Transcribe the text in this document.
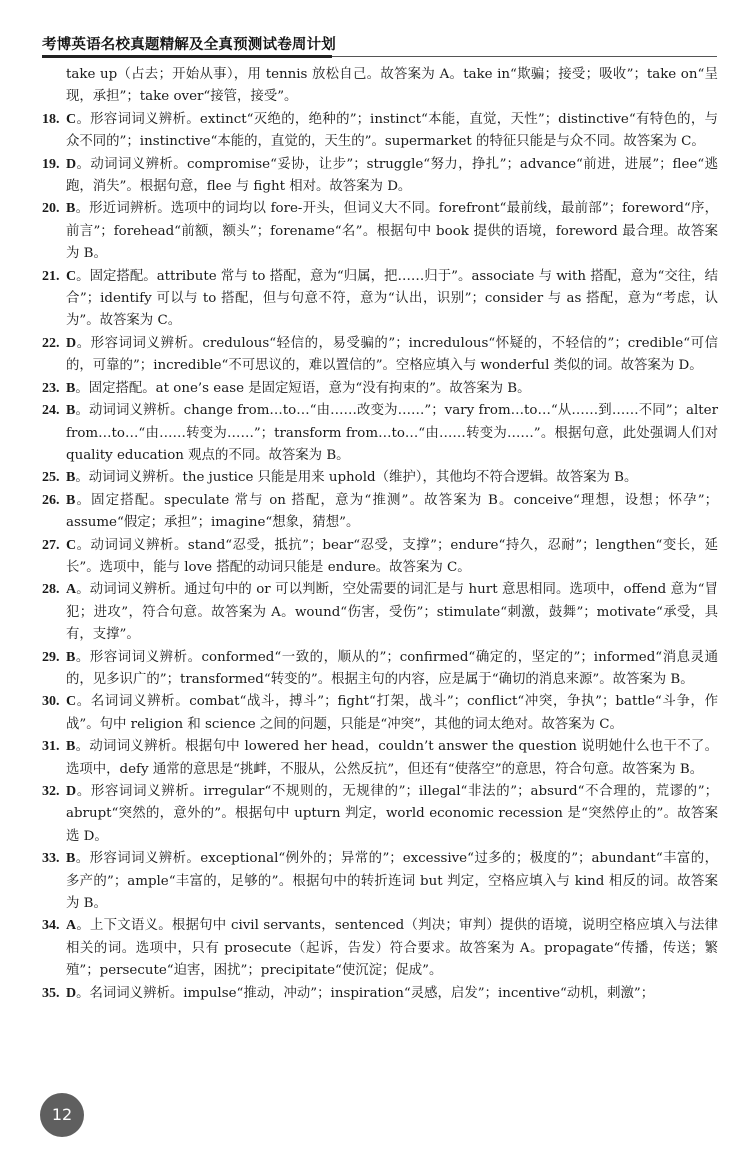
考博英语名校真题精解及全真预测试卷周计划
take up（占去；开始从事），用 tennis 放松自己。故答案为 A。take in“欺骗；接受；吸收”；take on“呈现，承担”；take over“接管，接受”。
18. C。形容词词义辨析。extinct“灭绝的，绝种的”；instinct“本能，直觉，天性”；distinctive“有特色的，与众不同的”；instinctive“本能的，直觉的，天生的”。supermarket 的特征只能是与众不同。故答案为 C。
19. D。动词词义辨析。compromise“妥协，让步”；struggle“努力，挣扎”；advance“前进，进展”；flee“逃跑，消失”。根据句意，flee 与 fight 相对。故答案为 D。
20. B。形近词辨析。选项中的词均以 fore-开头，但词义大不同。forefront“最前线，最前部”；foreword“序，前言”；forehead“前额，额头”；forename“名”。根据句中 book 提供的语境，foreword 最合理。故答案为 B。
21. C。固定搭配。attribute 常与 to 搭配，意为“归属，把……归于”。associate 与 with 搭配，意为“交往，结合”；identify 可以与 to 搭配，但与句意不符，意为“认出，识别”；consider 与 as 搭配，意为“考虑，认为”。故答案为 C。
22. D。形容词词义辨析。credulous“轻信的，易受骗的”；incredulous“怀疑的，不轻信的”；credible“可信的，可靠的”；incredible“不可思议的，难以置信的”。空格应填入与 wonderful 类似的词。故答案为 D。
23. B。固定搭配。at one’s ease 是固定短语，意为“没有拘束的”。故答案为 B。
24. B。动词词义辨析。change from…to…“由……改变为……”；vary from…to…“从……到……不同”；alter from…to…“由……转变为……”；transform from…to…“由……转变为……”。根据句意，此处强调人们对 quality education 观点的不同。故答案为 B。
25. B。动词词义辨析。the justice 只能是用来 uphold（维护），其他均不符合逻辑。故答案为 B。
26. B。固定搭配。speculate 常与 on 搭配，意为“推测”。故答案为 B。conceive“理想，设想；怀孕”；assume“假定；承担”；imagine“想象，猜想”。
27. C。动词词义辨析。stand“忍受，抵抗”；bear“忍受，支撑”；endure“持久，忍耐”；lengthen“变长，延长”。选项中，能与 love 搭配的动词只能是 endure。故答案为 C。
28. A。动词词义辨析。通过句中的 or 可以判断，空处需要的词汇是与 hurt 意思相同。选项中，offend 意为“冒犯；进攻”，符合句意。故答案为 A。wound“伤害，受伤”；stimulate“刺激，鼓舞”；motivate“承受，具有，支撑”。
29. B。形容词词义辨析。conformed“一致的，顺从的”；confirmed“确定的，坚定的”；informed“消息灵通的，见多识广的”；transformed“转变的”。根据主句的内容，应是属于“确切的消息来源”。故答案为 B。
30. C。名词词义辨析。combat“战斗，搏斗”；fight“打架，战斗”；conflict“冲突，争执”；battle“斗争，作战”。句中 religion 和 science 之间的问题，只能是“冲突”，其他的词太绝对。故答案为 C。
31. B。动词词义辨析。根据句中 lowered her head，couldn’t answer the question 说明她什么也干不了。选项中，defy 通常的意思是“挑衅，不服从，公然反抗”，但还有“使落空”的意思，符合句意。故答案为 B。
32. D。形容词词义辨析。irregular“不规则的，无规律的”；illegal“非法的”；absurd“不合理的，荒谬的”；abrupt“突然的，意外的”。根据句中 upturn 判定，world economic recession 是“突然停止的”。故答案选 D。
33. B。形容词词义辨析。exceptional“例外的；异常的”；excessive“过多的；极度的”；abundant“丰富的，多产的”；ample“丰富的，足够的”。根据句中的转折连词 but 判定，空格应填入与 kind 相反的词。故答案为 B。
34. A。上下文语义。根据句中 civil servants，sentenced（判决；审判）提供的语境，说明空格应填入与法律相关的词。选项中，只有 prosecute（起诉，告发）符合要求。故答案为 A。propagate“传播，传送；繁殖”；persecute“迫害，困扰”；precipitate“使沉淀；促成”。
35. D。名词词义辨析。impulse“推动，冲动”；inspiration“灵感，启发”；incentive“动机，刺激”；
12
